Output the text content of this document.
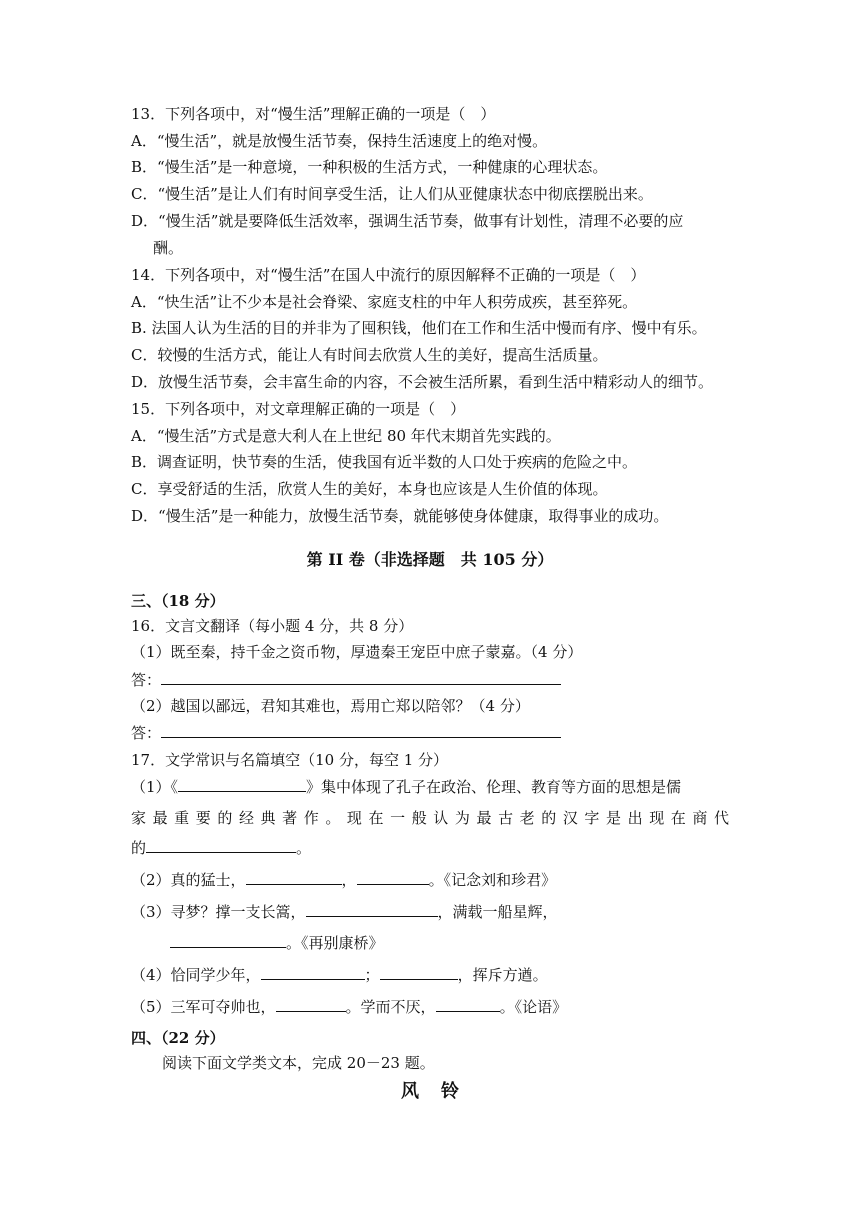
13．下列各项中，对“慢生活”理解正确的一项是（　）
A．“慢生活”，就是放慢生活节奏，保持生活速度上的绝对慢。
B．“慢生活”是一种意境，一种积极的生活方式，一种健康的心理状态。
C．“慢生活”是让人们有时间享受生活，让人们从亚健康状态中彻底摆脱出来。
D．“慢生活”就是要降低生活效率，强调生活节奏，做事有计划性，清理不必要的应
酬。
14．下列各项中，对“慢生活”在国人中流行的原因解释不正确的一项是（　）
A．“快生活”让不少本是社会脊梁、家庭支柱的中年人积劳成疾，甚至猝死。
B. 法国人认为生活的目的并非为了囤积钱，他们在工作和生活中慢而有序、慢中有乐。
C．较慢的生活方式，能让人有时间去欣赏人生的美好，提高生活质量。
D．放慢生活节奏，会丰富生命的内容，不会被生活所累，看到生活中精彩动人的细节。
15．下列各项中，对文章理解正确的一项是（　）
A．“慢生活”方式是意大利人在上世纪 80 年代末期首先实践的。
B．调查证明，快节奏的生活，使我国有近半数的人口处于疾病的危险之中。
C．享受舒适的生活，欣赏人生的美好，本身也应该是人生价值的体现。
D．“慢生活”是一种能力，放慢生活节奏，就能够使身体健康，取得事业的成功。
第 II 卷（非选择题　共 105 分）
三、（18 分）
16．文言文翻译（每小题 4 分，共 8 分）
（1）既至秦，持千金之资币物，厚遗秦王宠臣中庶子蒙嘉。（4 分）
答：
（2）越国以鄙远，君知其难也，焉用亡郑以陪邻？（4 分）
答：
17．文学常识与名篇填空（10 分，每空 1 分）
（1）《	》集中体现了孔子在政治、伦理、教育等方面的思想是儒
家最重要的经典著作。现在一般认为最古老的汉字是出现在商代
的	。
（2）真的猛士，	，	。《记念刘和珍君》
（3）寻梦？撑一支长篙，	，满载一船星辉，
。《再别康桥》
（4）恰同学少年，	；	，挥斥方遒。
（5）三军可夺帅也，	。学而不厌，	。《论语》
四、（22 分）
阅读下面文学类文本，完成 20－23 题。
风铃
